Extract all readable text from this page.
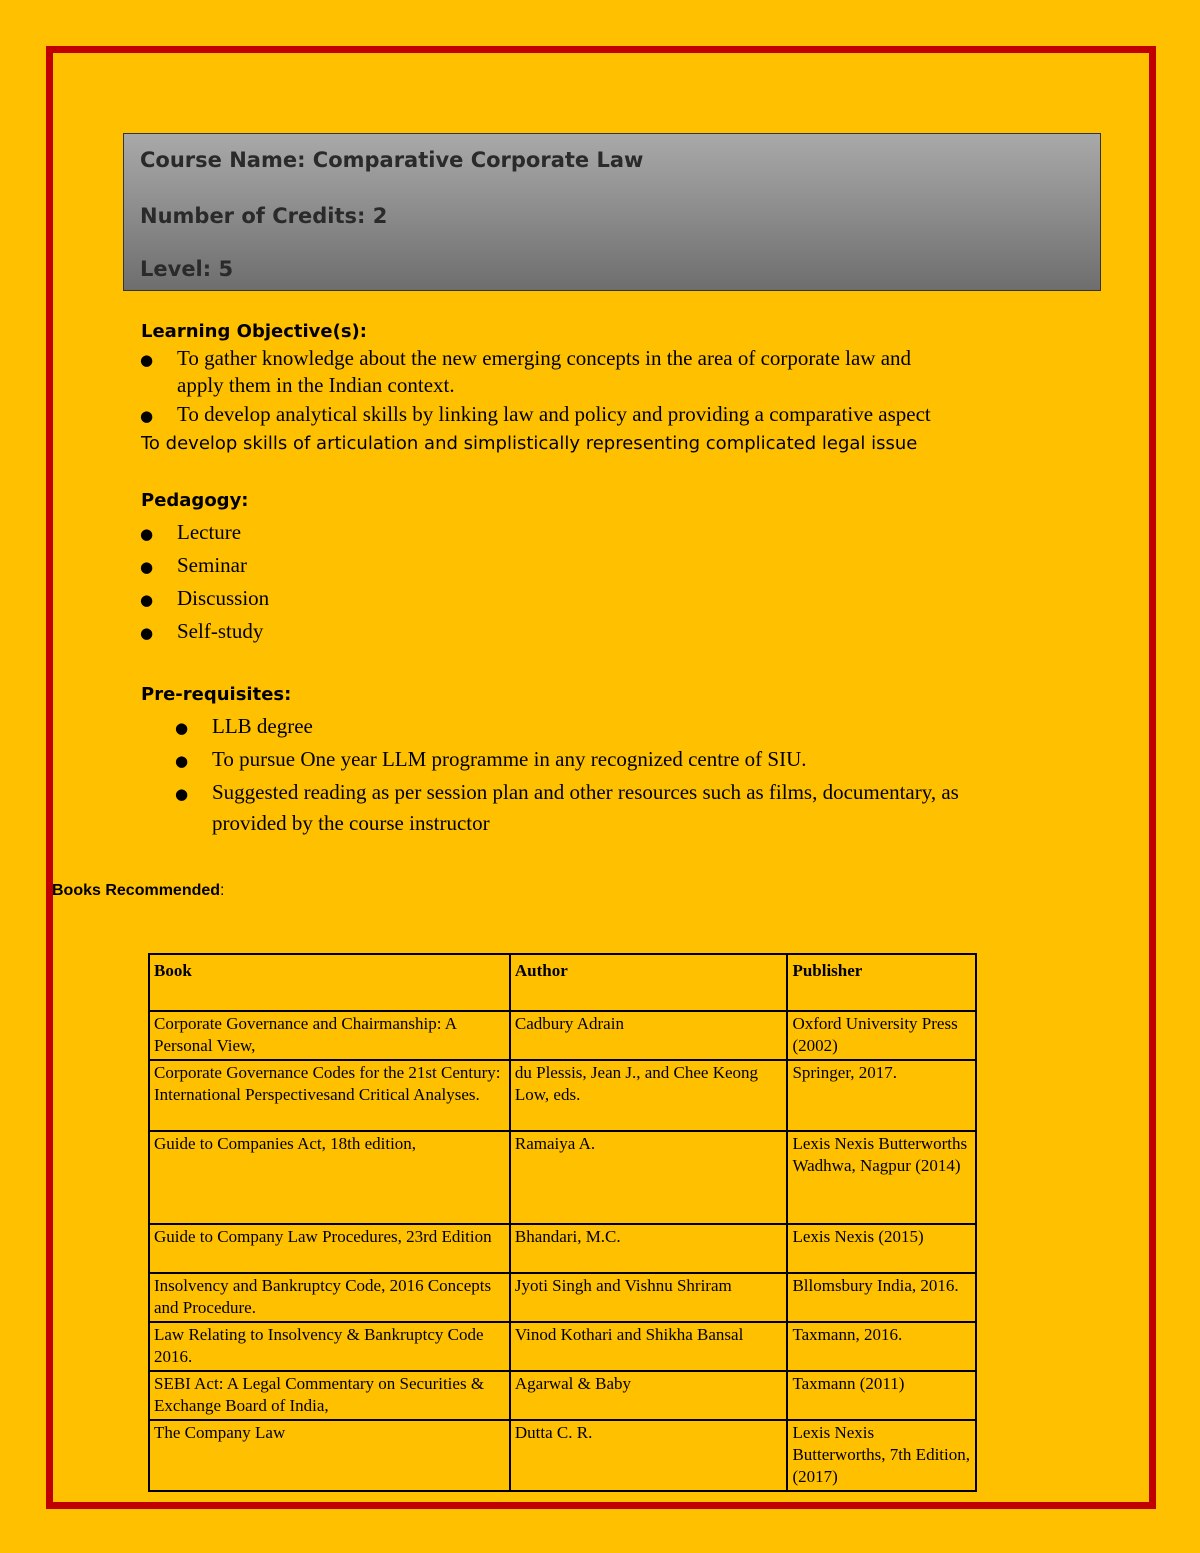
Course Name: Comparative Corporate Law
Number of Credits: 2
Level: 5
Learning Objective(s):
● To gather knowledge about the new emerging concepts in the area of corporate law and
apply them in the Indian context.
● To develop analytical skills by linking law and policy and providing a comparative aspect
To develop skills of articulation and simplistically representing complicated legal issue
Pedagogy:
● Lecture
● Seminar
● Discussion
● Self-study
Pre-requisites:
● LLB degree
● To pursue One year LLM programme in any recognized centre of SIU.
● Suggested reading as per session plan and other resources such as films, documentary, as
provided by the course instructor
Books Recommended:
Book	Author	Publisher
Corporate Governance and Chairmanship: A Personal View,	Cadbury Adrain	Oxford University Press (2002)
Corporate Governance Codes for the 21st Century: International Perspectivesand Critical Analyses.	du Plessis, Jean J., and Chee Keong Low, eds.	Springer, 2017.
Guide to Companies Act, 18th edition,	Ramaiya A.	Lexis Nexis Butterworths Wadhwa, Nagpur (2014)
Guide to Company Law Procedures, 23rd Edition	Bhandari, M.C.	Lexis Nexis (2015)
Insolvency and Bankruptcy Code, 2016 Concepts and Procedure.	Jyoti Singh and Vishnu Shriram	Bllomsbury India, 2016.
Law Relating to Insolvency & Bankruptcy Code 2016.	Vinod Kothari and Shikha Bansal	Taxmann, 2016.
SEBI Act: A Legal Commentary on Securities & Exchange Board of India,	Agarwal & Baby	Taxmann (2011)
The Company Law	Dutta C. R.	Lexis Nexis Butterworths, 7th Edition, (2017)
